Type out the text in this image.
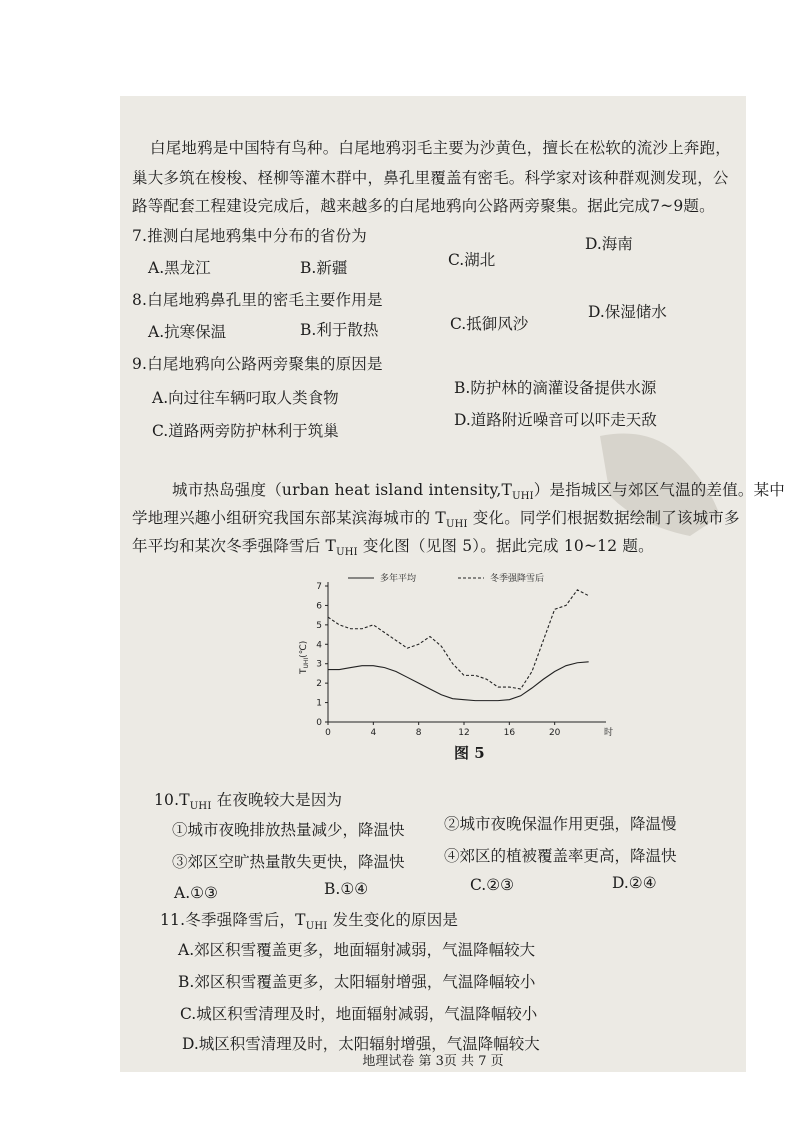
白尾地鸦是中国特有鸟种。白尾地鸦羽毛主要为沙黄色，擅长在松软的流沙上奔跑，
巢大多筑在梭梭、柽柳等灌木群中，鼻孔里覆盖有密毛。科学家对该种群观测发现，公
路等配套工程建设完成后，越来越多的白尾地鸦向公路两旁聚集。据此完成7~9题。
7.推测白尾地鸦集中分布的省份为
A.黑龙江	B.新疆	C.湖北
D.海南
8.白尾地鸦鼻孔里的密毛主要作用是
A.抗寒保温	B.利于散热	C.抵御风沙
D.保湿储水
9.白尾地鸦向公路两旁聚集的原因是
A.向过往车辆叼取人类食物
B.防护林的滴灌设备提供水源
C.道路两旁防护林利于筑巢
D.道路附近噪音可以吓走天敌
城市热岛强度（urban heat island $intensity,T_{UHI}$）是指城区与郊区气温的差值。某中
学地理兴趣小组研究我国东部某滨海城市的 $T_{UHI}$ 变化。同学们根据数据绘制了该城市多
年平均和某次冬季强降雪后 $T_{UHI}$ 变化图（见图 5）。据此完成 10~12 题。
0
1
2
3
4
5
6
7
0	4	8	12	16	20	时
$T_{UHI}(℃)$
多年平均	冬季强降雪后
图 5
$10.T_{UHI}$ 在夜晚较大是因为
①城市夜晚排放热量减少，降温快	②城市夜晚保温作用更强，降温慢
③郊区空旷热量散失更快，降温快	④郊区的植被覆盖率更高，降温快
A.①③	B.①④	C.②③	D.②④
11.冬季强降雪后，$T_{UHI}$ 发生变化的原因是
A.郊区积雪覆盖更多，地面辐射减弱，气温降幅较大
B.郊区积雪覆盖更多，太阳辐射增强，气温降幅较小
C.城区积雪清理及时，地面辐射减弱，气温降幅较小
D.城区积雪清理及时，太阳辐射增强，气温降幅较大
地理试卷 第 3页 共 7 页
